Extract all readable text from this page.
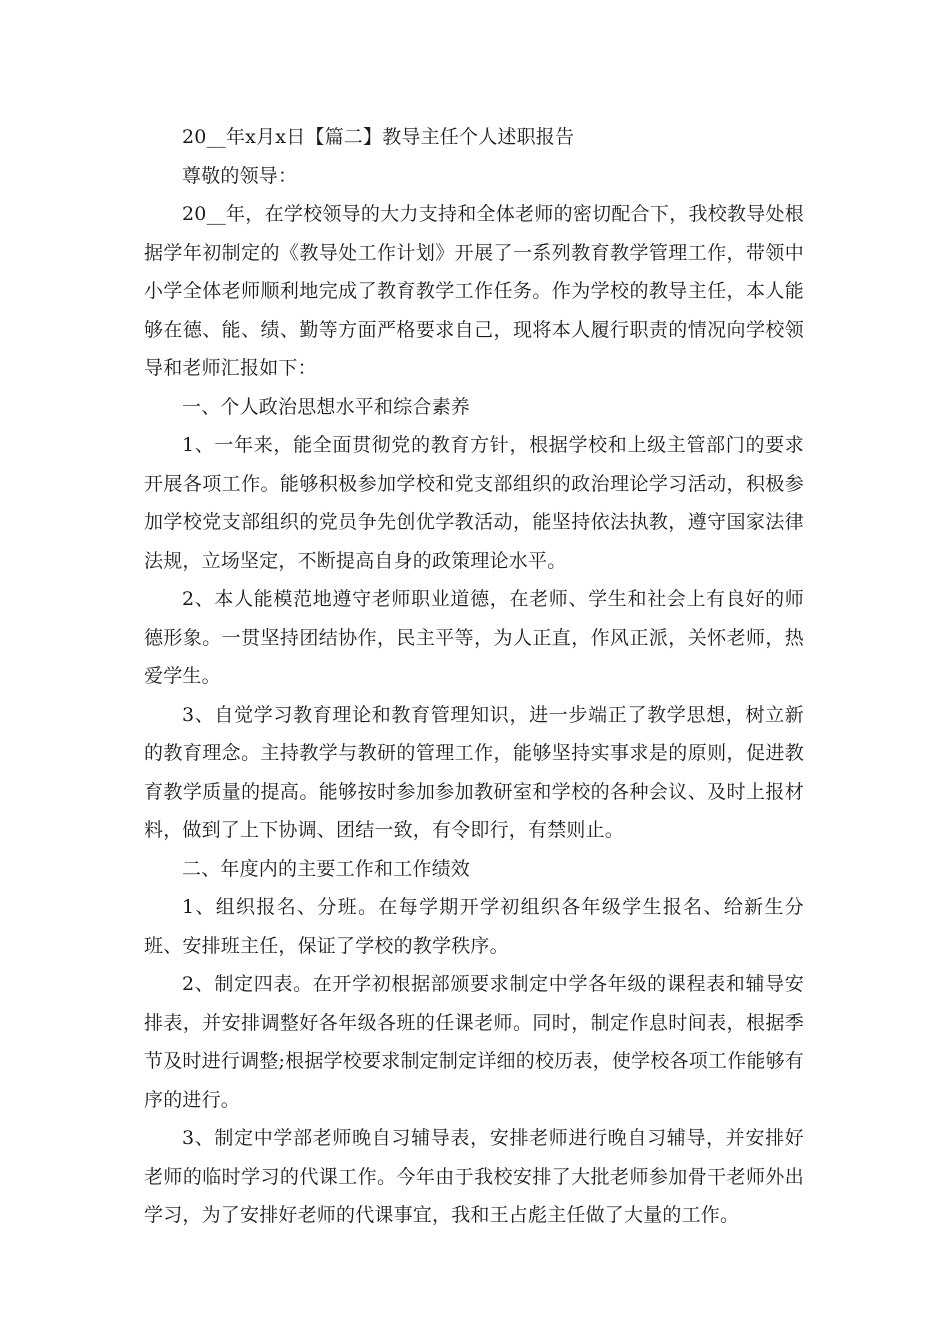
20__年x月x日【篇二】教导主任个人述职报告

尊敬的领导：

20__年，在学校领导的大力支持和全体老师的密切配合下，我校教导处根据学年初制定的《教导处工作计划》开展了一系列教育教学管理工作，带领中小学全体老师顺利地完成了教育教学工作任务。作为学校的教导主任，本人能够在德、能、绩、勤等方面严格要求自己，现将本人履行职责的情况向学校领导和老师汇报如下：

一、个人政治思想水平和综合素养

1、一年来，能全面贯彻党的教育方针，根据学校和上级主管部门的要求开展各项工作。能够积极参加学校和党支部组织的政治理论学习活动，积极参加学校党支部组织的党员争先创优学教活动，能坚持依法执教，遵守国家法律法规，立场坚定，不断提高自身的政策理论水平。

2、本人能模范地遵守老师职业道德，在老师、学生和社会上有良好的师德形象。一贯坚持团结协作，民主平等，为人正直，作风正派，关怀老师，热爱学生。

3、自觉学习教育理论和教育管理知识，进一步端正了教学思想，树立新的教育理念。主持教学与教研的管理工作，能够坚持实事求是的原则，促进教育教学质量的提高。能够按时参加参加教研室和学校的各种会议、及时上报材料，做到了上下协调、团结一致，有令即行，有禁则止。

二、年度内的主要工作和工作绩效

1、组织报名、分班。在每学期开学初组织各年级学生报名、给新生分班、安排班主任，保证了学校的教学秩序。

2、制定四表。在开学初根据部颁要求制定中学各年级的课程表和辅导安排表，并安排调整好各年级各班的任课老师。同时，制定作息时间表，根据季节及时进行调整;根据学校要求制定制定详细的校历表，使学校各项工作能够有序的进行。

3、制定中学部老师晚自习辅导表，安排老师进行晚自习辅导，并安排好老师的临时学习的代课工作。今年由于我校安排了大批老师参加骨干老师外出学习，为了安排好老师的代课事宜，我和王占彪主任做了大量的工作。
